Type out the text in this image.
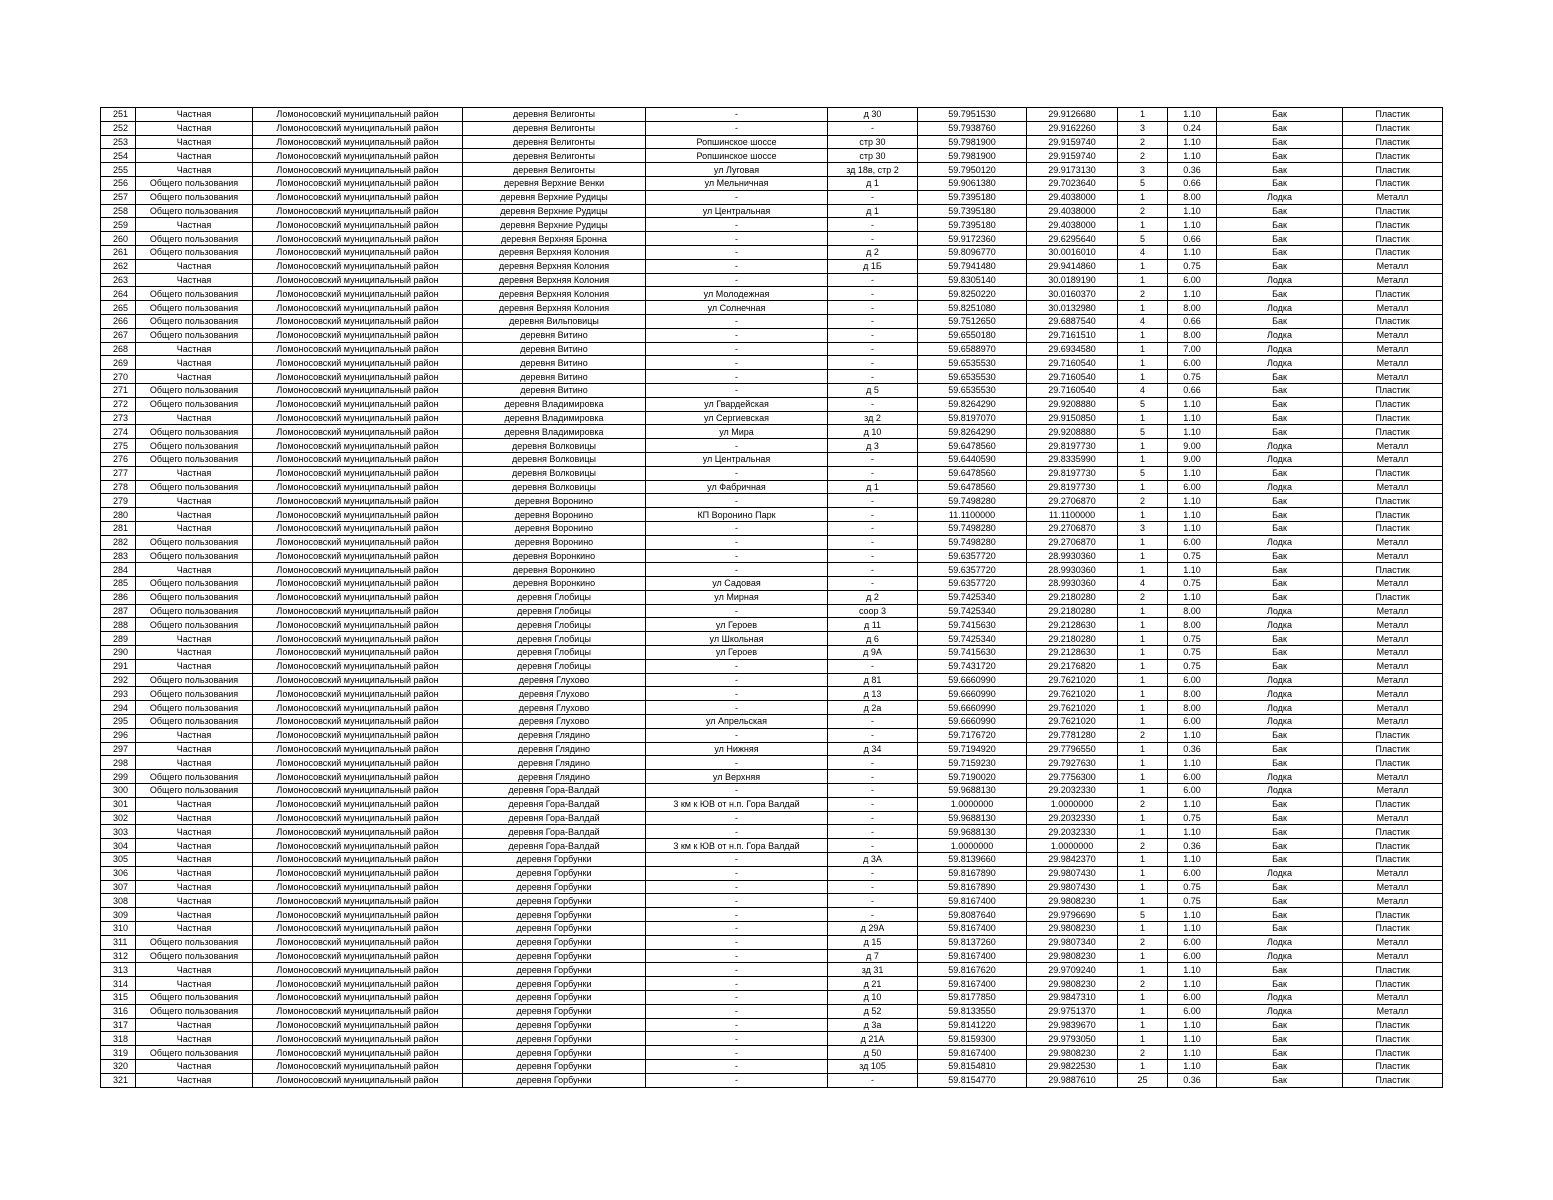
251	Частная	Ломоносовский муниципальный район	деревня Велигонты	-	д 30	59.7951530	29.9126680	1	1.10	Бак	Пластик
252	Частная	Ломоносовский муниципальный район	деревня Велигонты	-	-	59.7938760	29.9162260	3	0.24	Бак	Пластик
253	Частная	Ломоносовский муниципальный район	деревня Велигонты	Ропшинское шоссе	стр 30	59.7981900	29.9159740	2	1.10	Бак	Пластик
254	Частная	Ломоносовский муниципальный район	деревня Велигонты	Ропшинское шоссе	стр 30	59.7981900	29.9159740	2	1.10	Бак	Пластик
255	Частная	Ломоносовский муниципальный район	деревня Велигонты	ул Луговая	зд 18в, стр 2	59.7950120	29.9173130	3	0.36	Бак	Пластик
256	Общего пользования	Ломоносовский муниципальный район	деревня Верхние Венки	ул Мельничная	д 1	59.9061380	29.7023640	5	0.66	Бак	Пластик
257	Общего пользования	Ломоносовский муниципальный район	деревня Верхние Рудицы	-	-	59.7395180	29.4038000	1	8.00	Лодка	Металл
258	Общего пользования	Ломоносовский муниципальный район	деревня Верхние Рудицы	ул Центральная	д 1	59.7395180	29.4038000	2	1.10	Бак	Пластик
259	Частная	Ломоносовский муниципальный район	деревня Верхние Рудицы	-	-	59.7395180	29.4038000	1	1.10	Бак	Пластик
260	Общего пользования	Ломоносовский муниципальный район	деревня Верхняя Бронна	-	-	59.9172360	29.6295640	5	0.66	Бак	Пластик
261	Общего пользования	Ломоносовский муниципальный район	деревня Верхняя Колония	-	д 2	59.8096770	30.0016010	4	1.10	Бак	Пластик
262	Частная	Ломоносовский муниципальный район	деревня Верхняя Колония	-	д 1Б	59.7941480	29.9414860	1	0.75	Бак	Металл
263	Частная	Ломоносовский муниципальный район	деревня Верхняя Колония	-	-	59.8305140	30.0189190	1	6.00	Лодка	Металл
264	Общего пользования	Ломоносовский муниципальный район	деревня Верхняя Колония	ул Молодежная	-	59.8250220	30.0160370	2	1.10	Бак	Пластик
265	Общего пользования	Ломоносовский муниципальный район	деревня Верхняя Колония	ул Солнечная	-	59.8251080	30.0132980	1	8.00	Лодка	Металл
266	Общего пользования	Ломоносовский муниципальный район	деревня Вильповицы	-	-	59.7512650	29.6887540	4	0.66	Бак	Пластик
267	Общего пользования	Ломоносовский муниципальный район	деревня Витино	-	-	59.6550180	29.7161510	1	8.00	Лодка	Металл
268	Частная	Ломоносовский муниципальный район	деревня Витино	-	-	59.6588970	29.6934580	1	7.00	Лодка	Металл
269	Частная	Ломоносовский муниципальный район	деревня Витино	-	-	59.6535530	29.7160540	1	6.00	Лодка	Металл
270	Частная	Ломоносовский муниципальный район	деревня Витино	-	-	59.6535530	29.7160540	1	0.75	Бак	Металл
271	Общего пользования	Ломоносовский муниципальный район	деревня Витино	-	д 5	59.6535530	29.7160540	4	0.66	Бак	Пластик
272	Общего пользования	Ломоносовский муниципальный район	деревня Владимировка	ул Гвардейская	-	59.8264290	29.9208880	5	1.10	Бак	Пластик
273	Частная	Ломоносовский муниципальный район	деревня Владимировка	ул Сергиевская	зд 2	59.8197070	29.9150850	1	1.10	Бак	Пластик
274	Общего пользования	Ломоносовский муниципальный район	деревня Владимировка	ул Мира	д 10	59.8264290	29.9208880	5	1.10	Бак	Пластик
275	Общего пользования	Ломоносовский муниципальный район	деревня Волковицы	-	д 3	59.6478560	29.8197730	1	9.00	Лодка	Металл
276	Общего пользования	Ломоносовский муниципальный район	деревня Волковицы	ул Центральная	-	59.6440590	29.8335990	1	9.00	Лодка	Металл
277	Частная	Ломоносовский муниципальный район	деревня Волковицы	-	-	59.6478560	29.8197730	5	1.10	Бак	Пластик
278	Общего пользования	Ломоносовский муниципальный район	деревня Волковицы	ул Фабричная	д 1	59.6478560	29.8197730	1	6.00	Лодка	Металл
279	Частная	Ломоносовский муниципальный район	деревня Воронино	-	-	59.7498280	29.2706870	2	1.10	Бак	Пластик
280	Частная	Ломоносовский муниципальный район	деревня Воронино	КП Воронино Парк	-	11.1100000	11.1100000	1	1.10	Бак	Пластик
281	Частная	Ломоносовский муниципальный район	деревня Воронино	-	-	59.7498280	29.2706870	3	1.10	Бак	Пластик
282	Общего пользования	Ломоносовский муниципальный район	деревня Воронино	-	-	59.7498280	29.2706870	1	6.00	Лодка	Металл
283	Общего пользования	Ломоносовский муниципальный район	деревня Воронкино	-	-	59.6357720	28.9930360	1	0.75	Бак	Металл
284	Частная	Ломоносовский муниципальный район	деревня Воронкино	-	-	59.6357720	28.9930360	1	1.10	Бак	Пластик
285	Общего пользования	Ломоносовский муниципальный район	деревня Воронкино	ул Садовая	-	59.6357720	28.9930360	4	0.75	Бак	Металл
286	Общего пользования	Ломоносовский муниципальный район	деревня Глобицы	ул Мирная	д 2	59.7425340	29.2180280	2	1.10	Бак	Пластик
287	Общего пользования	Ломоносовский муниципальный район	деревня Глобицы	-	соор 3	59.7425340	29.2180280	1	8.00	Лодка	Металл
288	Общего пользования	Ломоносовский муниципальный район	деревня Глобицы	ул Героев	д 11	59.7415630	29.2128630	1	8.00	Лодка	Металл
289	Частная	Ломоносовский муниципальный район	деревня Глобицы	ул Школьная	д 6	59.7425340	29.2180280	1	0.75	Бак	Металл
290	Частная	Ломоносовский муниципальный район	деревня Глобицы	ул Героев	д 9А	59.7415630	29.2128630	1	0.75	Бак	Металл
291	Частная	Ломоносовский муниципальный район	деревня Глобицы	-	-	59.7431720	29.2176820	1	0.75	Бак	Металл
292	Общего пользования	Ломоносовский муниципальный район	деревня Глухово	-	д 81	59.6660990	29.7621020	1	6.00	Лодка	Металл
293	Общего пользования	Ломоносовский муниципальный район	деревня Глухово	-	д 13	59.6660990	29.7621020	1	8.00	Лодка	Металл
294	Общего пользования	Ломоносовский муниципальный район	деревня Глухово	-	д 2а	59.6660990	29.7621020	1	8.00	Лодка	Металл
295	Общего пользования	Ломоносовский муниципальный район	деревня Глухово	ул Апрельская	-	59.6660990	29.7621020	1	6.00	Лодка	Металл
296	Частная	Ломоносовский муниципальный район	деревня Глядино	-	-	59.7176720	29.7781280	2	1.10	Бак	Пластик
297	Частная	Ломоносовский муниципальный район	деревня Глядино	ул Нижняя	д 34	59.7194920	29.7796550	1	0.36	Бак	Пластик
298	Частная	Ломоносовский муниципальный район	деревня Глядино	-	-	59.7159230	29.7927630	1	1.10	Бак	Пластик
299	Общего пользования	Ломоносовский муниципальный район	деревня Глядино	ул Верхняя	-	59.7190020	29.7756300	1	6.00	Лодка	Металл
300	Общего пользования	Ломоносовский муниципальный район	деревня Гора-Валдай	-	-	59.9688130	29.2032330	1	6.00	Лодка	Металл
301	Частная	Ломоносовский муниципальный район	деревня Гора-Валдай	3 км к ЮВ от н.п. Гора Валдай	-	1.0000000	1.0000000	2	1.10	Бак	Пластик
302	Частная	Ломоносовский муниципальный район	деревня Гора-Валдай	-	-	59.9688130	29.2032330	1	0.75	Бак	Металл
303	Частная	Ломоносовский муниципальный район	деревня Гора-Валдай	-	-	59.9688130	29.2032330	1	1.10	Бак	Пластик
304	Частная	Ломоносовский муниципальный район	деревня Гора-Валдай	3 км к ЮВ от н.п. Гора Валдай	-	1.0000000	1.0000000	2	0.36	Бак	Пластик
305	Частная	Ломоносовский муниципальный район	деревня Горбунки	-	д 3А	59.8139660	29.9842370	1	1.10	Бак	Пластик
306	Частная	Ломоносовский муниципальный район	деревня Горбунки	-	-	59.8167890	29.9807430	1	6.00	Лодка	Металл
307	Частная	Ломоносовский муниципальный район	деревня Горбунки	-	-	59.8167890	29.9807430	1	0.75	Бак	Металл
308	Частная	Ломоносовский муниципальный район	деревня Горбунки	-	-	59.8167400	29.9808230	1	0.75	Бак	Металл
309	Частная	Ломоносовский муниципальный район	деревня Горбунки	-	-	59.8087640	29.9796690	5	1.10	Бак	Пластик
310	Частная	Ломоносовский муниципальный район	деревня Горбунки	-	д 29А	59.8167400	29.9808230	1	1.10	Бак	Пластик
311	Общего пользования	Ломоносовский муниципальный район	деревня Горбунки	-	д 15	59.8137260	29.9807340	2	6.00	Лодка	Металл
312	Общего пользования	Ломоносовский муниципальный район	деревня Горбунки	-	д 7	59.8167400	29.9808230	1	6.00	Лодка	Металл
313	Частная	Ломоносовский муниципальный район	деревня Горбунки	-	зд 31	59.8167620	29.9709240	1	1.10	Бак	Пластик
314	Частная	Ломоносовский муниципальный район	деревня Горбунки	-	д 21	59.8167400	29.9808230	2	1.10	Бак	Пластик
315	Общего пользования	Ломоносовский муниципальный район	деревня Горбунки	-	д 10	59.8177850	29.9847310	1	6.00	Лодка	Металл
316	Общего пользования	Ломоносовский муниципальный район	деревня Горбунки	-	д 52	59.8133550	29.9751370	1	6.00	Лодка	Металл
317	Частная	Ломоносовский муниципальный район	деревня Горбунки	-	д 3а	59.8141220	29.9839670	1	1.10	Бак	Пластик
318	Частная	Ломоносовский муниципальный район	деревня Горбунки	-	д 21А	59.8159300	29.9793050	1	1.10	Бак	Пластик
319	Общего пользования	Ломоносовский муниципальный район	деревня Горбунки	-	д 50	59.8167400	29.9808230	2	1.10	Бак	Пластик
320	Частная	Ломоносовский муниципальный район	деревня Горбунки	-	зд 105	59.8154810	29.9822530	1	1.10	Бак	Пластик
321	Частная	Ломоносовский муниципальный район	деревня Горбунки	-	-	59.8154770	29.9887610	25	0.36	Бак	Пластик
